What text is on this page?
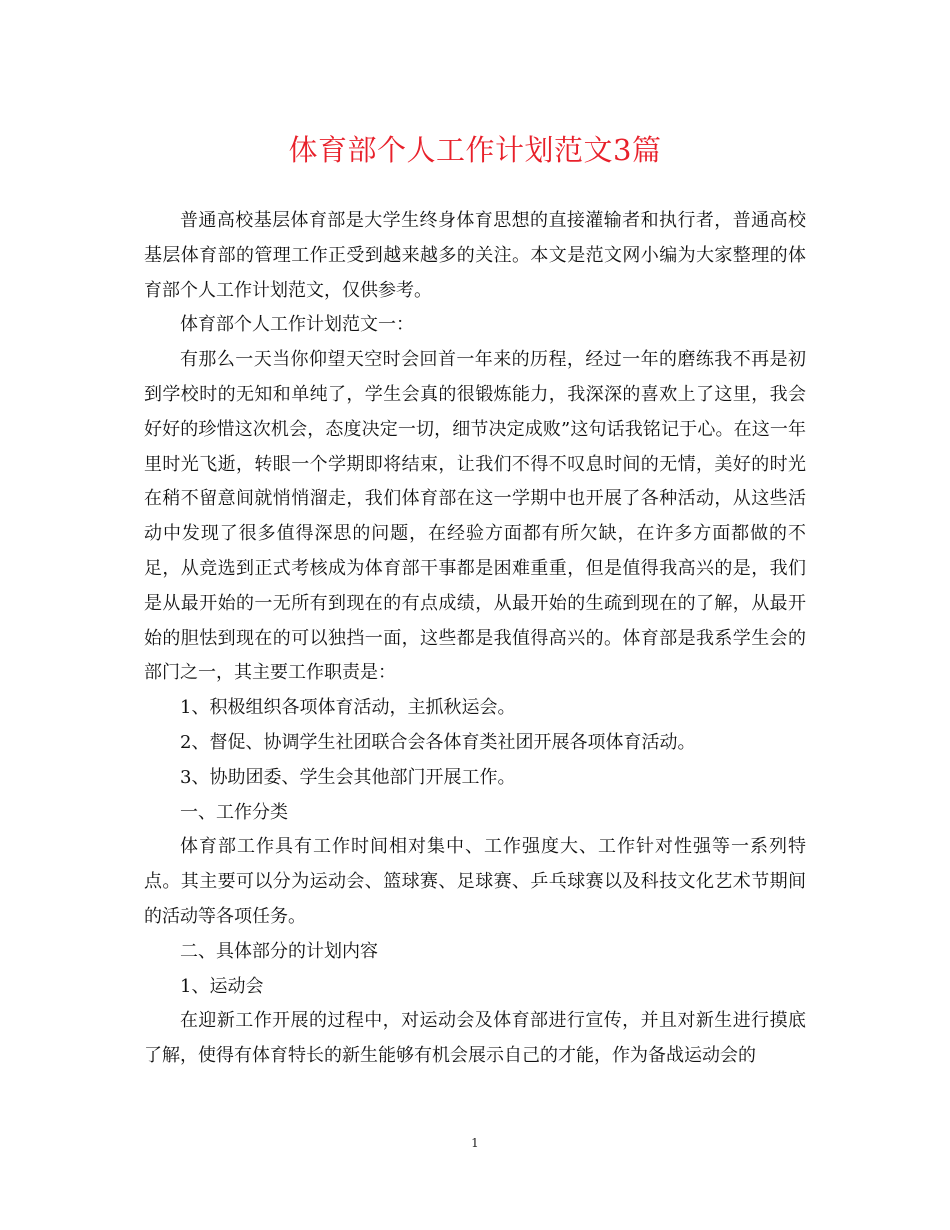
体育部个人工作计划范文3篇

普通高校基层体育部是大学生终身体育思想的直接灌输者和执行者，普通高校基层体育部的管理工作正受到越来越多的关注。本文是范文网小编为大家整理的体育部个人工作计划范文，仅供参考。

体育部个人工作计划范文一：

有那么一天当你仰望天空时会回首一年来的历程，经过一年的磨练我不再是初到学校时的无知和单纯了，学生会真的很锻炼能力，我深深的喜欢上了这里，我会好好的珍惜这次机会，态度决定一切，细节决定成败”这句话我铭记于心。在这一年里时光飞逝，转眼一个学期即将结束，让我们不得不叹息时间的无情，美好的时光在稍不留意间就悄悄溜走，我们体育部在这一学期中也开展了各种活动，从这些活动中发现了很多值得深思的问题，在经验方面都有所欠缺，在许多方面都做的不足，从竞选到正式考核成为体育部干事都是困难重重，但是值得我高兴的是，我们是从最开始的一无所有到现在的有点成绩，从最开始的生疏到现在的了解，从最开始的胆怯到现在的可以独挡一面，这些都是我值得高兴的。体育部是我系学生会的部门之一，其主要工作职责是：

1、积极组织各项体育活动，主抓秋运会。

2、督促、协调学生社团联合会各体育类社团开展各项体育活动。

3、协助团委、学生会其他部门开展工作。

一、工作分类

体育部工作具有工作时间相对集中、工作强度大、工作针对性强等一系列特点。其主要可以分为运动会、篮球赛、足球赛、乒乓球赛以及科技文化艺术节期间的活动等各项任务。

二、具体部分的计划内容

1、运动会

在迎新工作开展的过程中，对运动会及体育部进行宣传，并且对新生进行摸底了解，使得有体育特长的新生能够有机会展示自己的才能，作为备战运动会的

1
